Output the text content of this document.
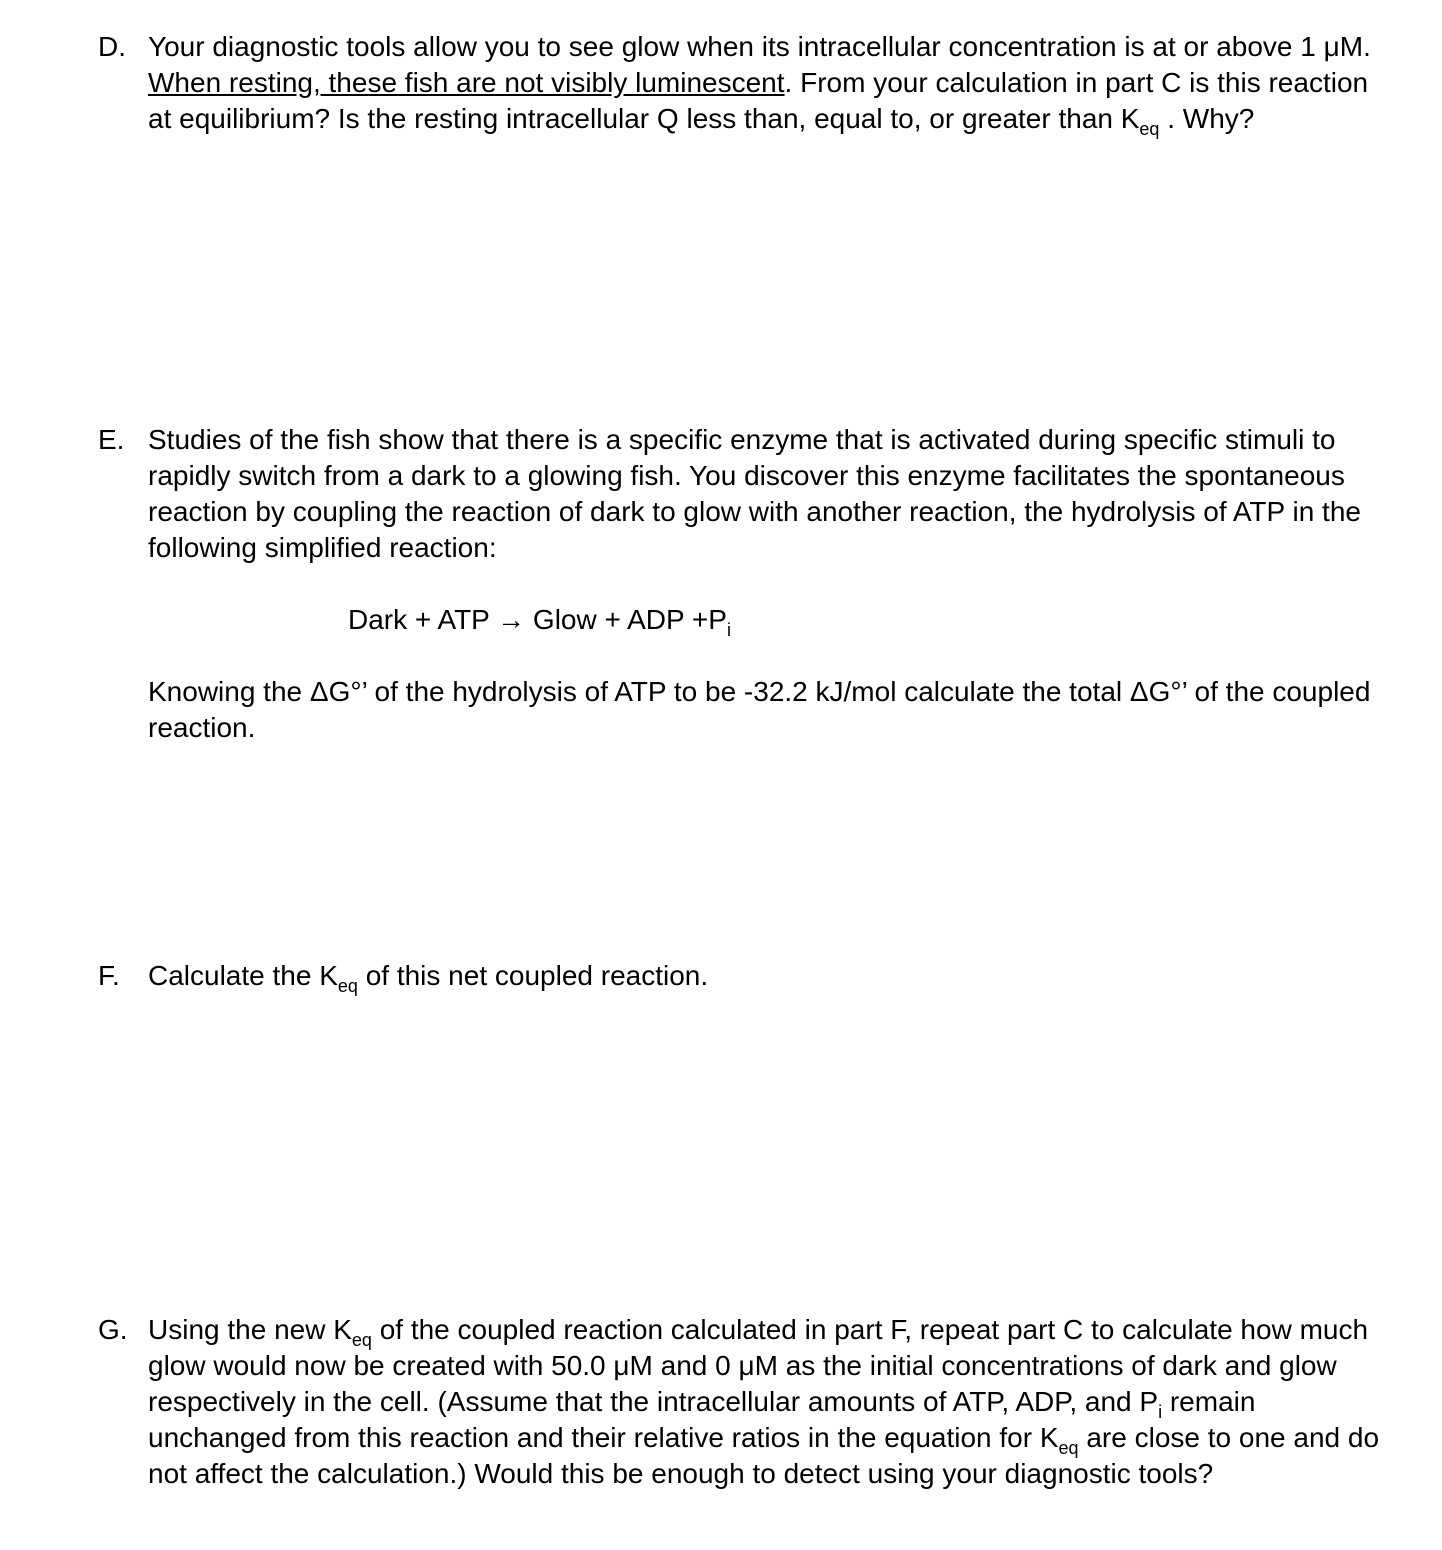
D. Your diagnostic tools allow you to see glow when its intracellular concentration is at or above 1 μM. When resting, these fish are not visibly luminescent. From your calculation in part C is this reaction at equilibrium? Is the resting intracellular Q less than, equal to, or greater than $K_{eq}$ . Why?
E. Studies of the fish show that there is a specific enzyme that is activated during specific stimuli to rapidly switch from a dark to a glowing fish. You discover this enzyme facilitates the spontaneous reaction by coupling the reaction of dark to glow with another reaction, the hydrolysis of ATP in the following simplified reaction:
Dark + ATP → Glow + ADP $+P_i$
Knowing the ΔG°’ of the hydrolysis of ATP to be -32.2 kJ/mol calculate the total ΔG°’ of the coupled reaction.
F.	Calculate the $K_{eq}$ of this net coupled reaction.
G. Using the new $K_{eq}$ of the coupled reaction calculated in part F, repeat part C to calculate how much glow would now be created with 50.0 μM and 0 μM as the initial concentrations of dark and glow respectively in the cell. (Assume that the intracellular amounts of ATP, ADP, and $P_i$ remain unchanged from this reaction and their relative ratios in the equation for $K_{eq}$ are close to one and do not affect the calculation.) Would this be enough to detect using your diagnostic tools?
